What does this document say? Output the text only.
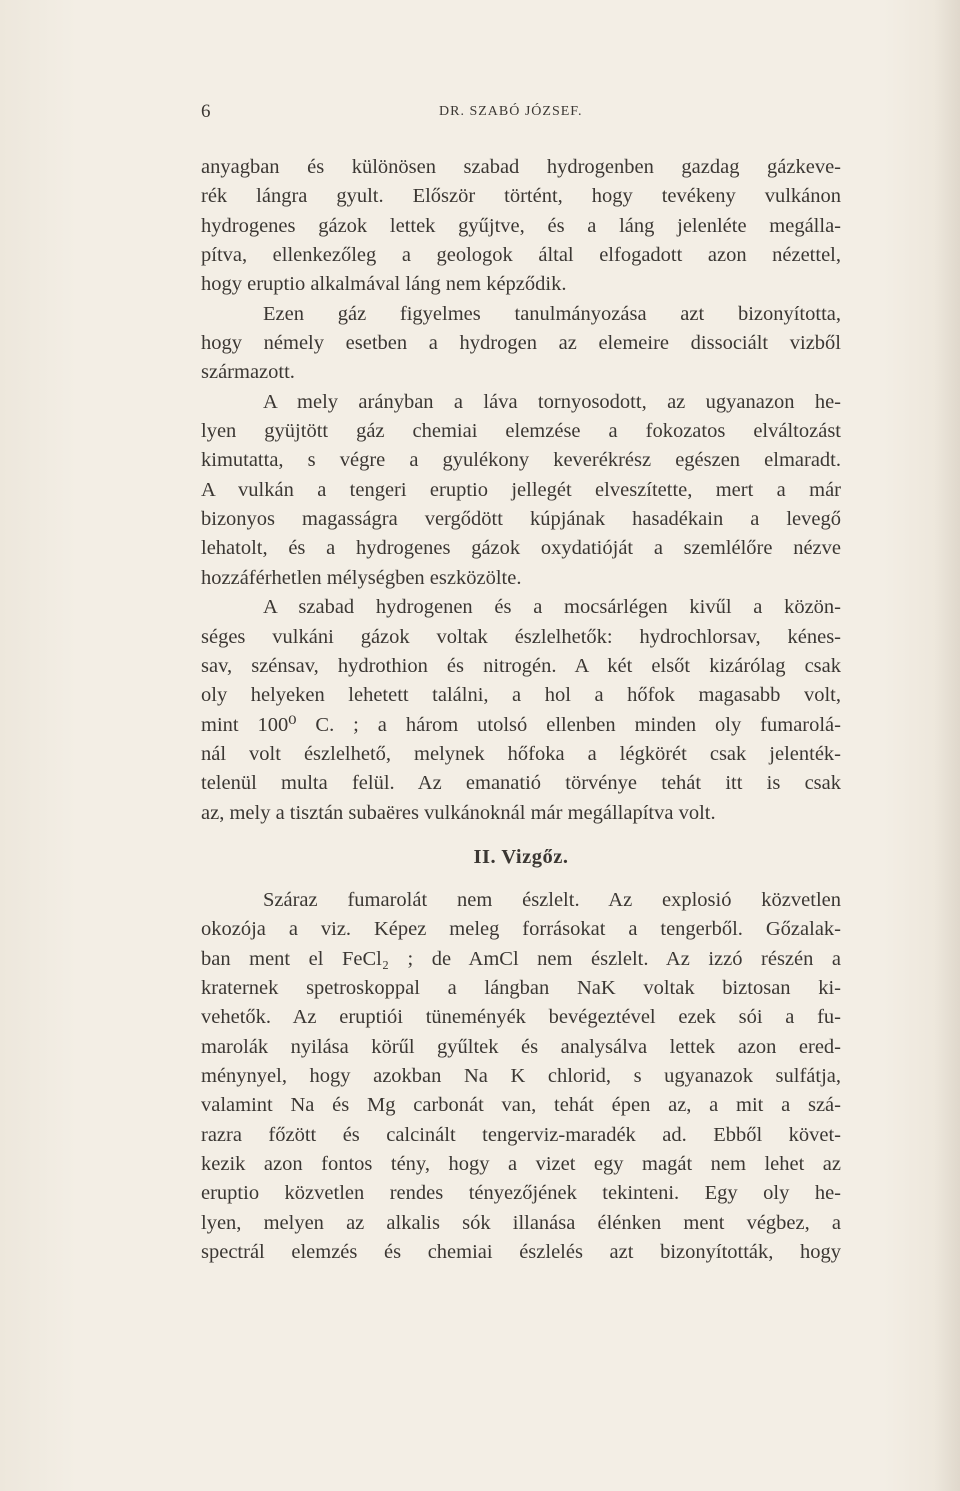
6	DR. SZABÓ JÓZSEF.
anyagban és különösen szabad hydrogenben gazdag gázkeve-
rék lángra gyult. Először történt, hogy tevékeny vulkánon
hydrogenes gázok lettek gyűjtve, és a láng jelenléte megálla-
pítva, ellenkezőleg a geologok által elfogadott azon nézettel,
hogy eruptio alkalmával láng nem képződik.
Ezen gáz figyelmes tanulmányozása azt bizonyította,
hogy némely esetben a hydrogen az elemeire dissociált vizből
származott.
A mely arányban a láva tornyosodott, az ugyanazon he-
lyen gyüjtött gáz chemiai elemzése a fokozatos elváltozást
kimutatta, s végre a gyulékony keverékrész egészen elmaradt.
A vulkán a tengeri eruptio jellegét elveszítette, mert a már
bizonyos magasságra vergődött kúpjának hasadékain a levegő
lehatolt, és a hydrogenes gázok oxydatióját a szemlélőre nézve
hozzáférhetlen mélységben eszközölte.
A szabad hydrogenen és a mocsárlégen kivűl a közön-
séges vulkáni gázok voltak észlelhetők: hydrochlorsav, kénes-
sav, szénsav, hydrothion és nitrogén. A két elsőt kizárólag csak
oly helyeken lehetett találni, a hol a hőfok magasabb volt,
mint 100⁰ C. ; a három utolsó ellenben minden oly fumarolá-
nál volt észlelhető, melynek hőfoka a légkörét csak jelenték-
telenül multa felül. Az emanatió törvénye tehát itt is csak
az, mely a tisztán subaëres vulkánoknál már megállapítva volt.
II. Vizgőz.
Száraz fumarolát nem észlelt. Az explosió közvetlen
okozója a viz. Képez meleg forrásokat a tengerből. Gőzalak-
ban ment el FeCl₂ ; de AmCl nem észlelt. Az izzó részén a
kraternek spetroskoppal a lángban NaK voltak biztosan ki-
vehetők. Az eruptiói tüneményék bevégeztével ezek sói a fu-
marolák nyilása körűl gyűltek és analysálva lettek azon ered-
ménynyel, hogy azokban Na K chlorid, s ugyanazok sulfátja,
valamint Na és Mg carbonát van, tehát épen az, a mit a szá-
razra főzött és calcinált tengerviz-maradék ad. Ebből követ-
kezik azon fontos tény, hogy a vizet egy magát nem lehet az
eruptio közvetlen rendes tényezőjének tekinteni. Egy oly he-
lyen, melyen az alkalis sók illanása élénken ment végbez, a
spectrál elemzés és chemiai észlelés azt bizonyították, hogy
